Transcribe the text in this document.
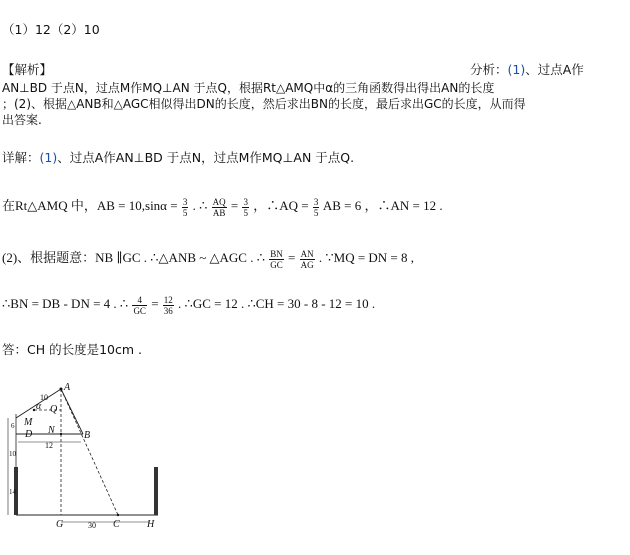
（1）12（2）10
【解析】	分析：(1)、过点A作
AN⊥BD 于点N，过点M作MQ⊥AN 于点Q，根据Rt△AMQ中α的三角函数得出得出AN的长度
；(2)、根据△ANB和△AGC相似得出DN的长度，然后求出BN的长度，最后求出GC的长度，从而得
出答案.
详解：(1)、过点A作AN⊥BD 于点N，过点M作MQ⊥AN 于点Q.
在Rt△AMQ 中，AB = $10,\sin\alpha = \frac{3}{5}$ . ∴ $\frac{AQ}{AB} = \frac{3}{5}$ ，∴AQ = $\frac{3}{5}$ AB = 6 ，∴AN = 12 .
(2)、根据题意：NB ∥GC . ∴△ANB ~ △AGC . ∴ $\frac{BN}{GC} = \frac{AN}{AG}$ . ∵MQ = DN = 8 ,
∴BN = DB - DN = 4 . ∴ $\frac{4}{GC} = \frac{12}{36}$ . ∴GC = 12 . ∴CH = 30 - 8 - 12 = 10 .
答：CH 的长度是10cm .
A
Q
M
α
D N	B
G	C	H
10
12
30
6
10
14
